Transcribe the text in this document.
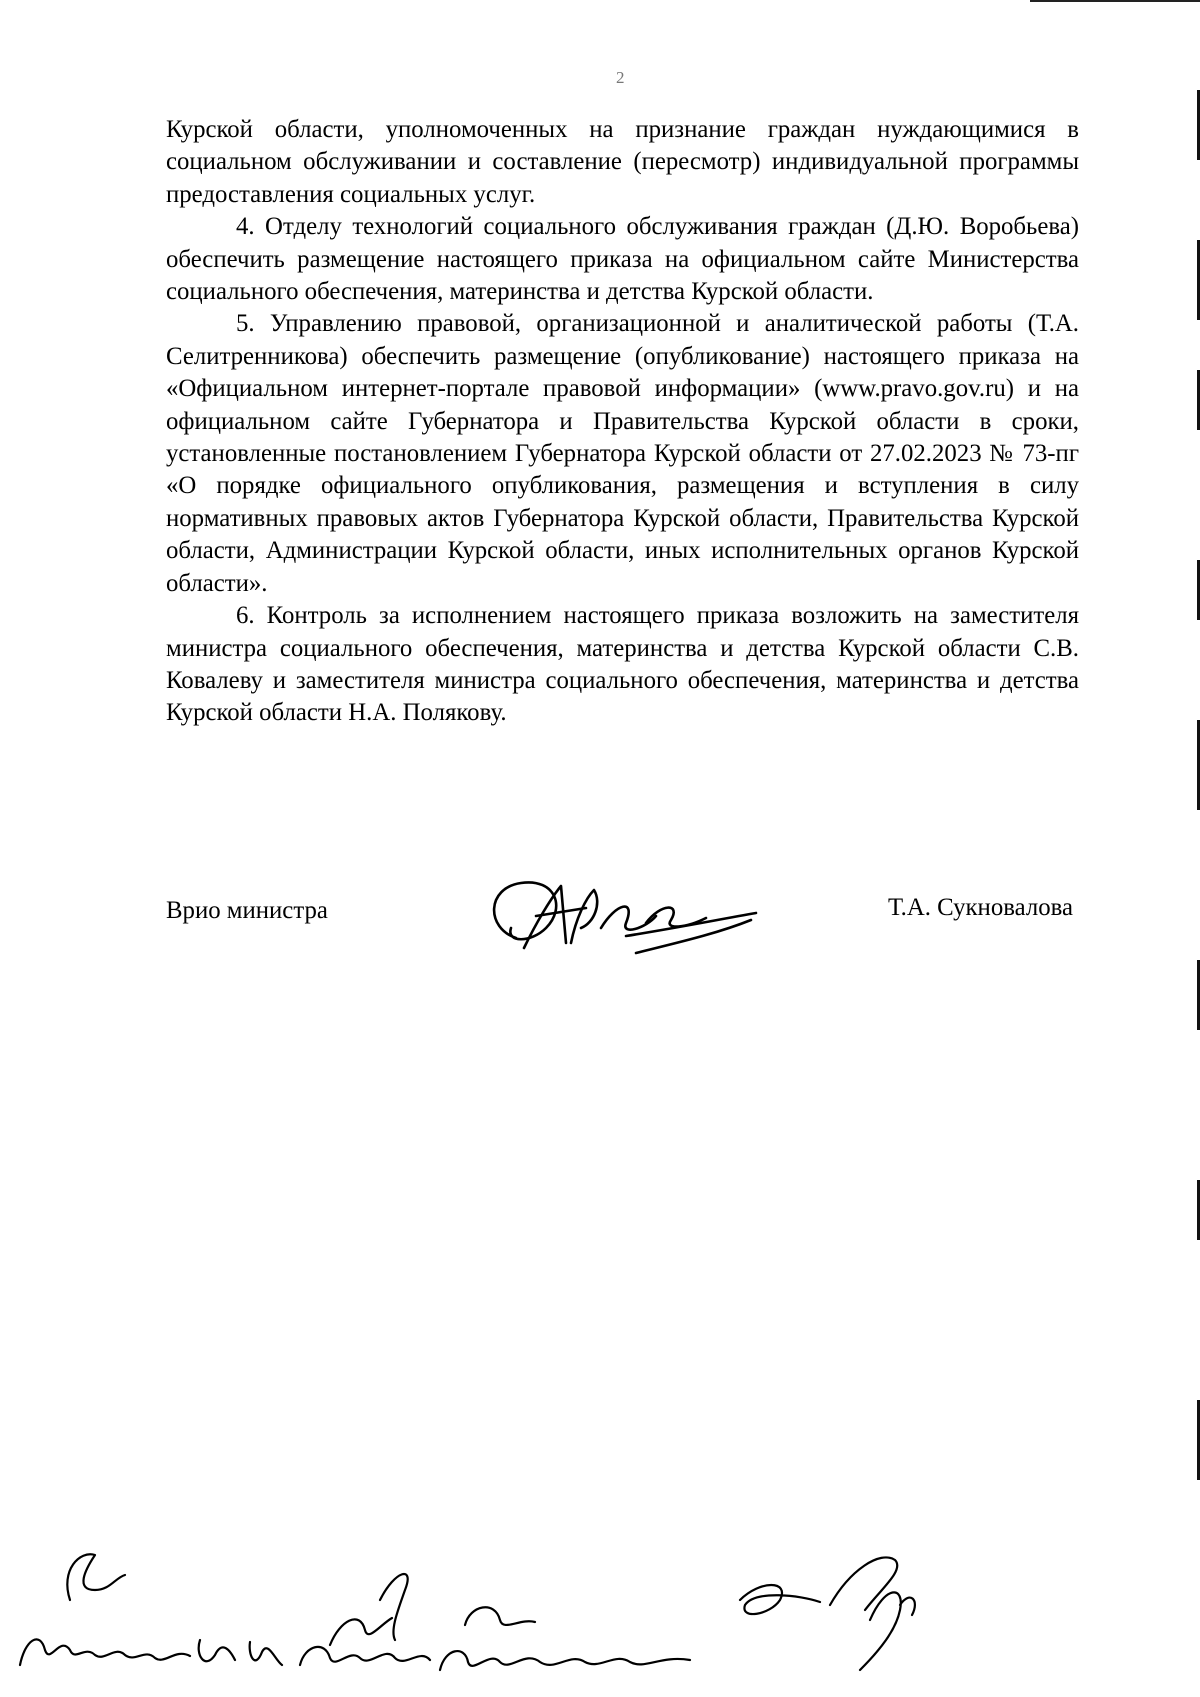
2

Курской области, уполномоченных на признание граждан нуждающимися в социальном обслуживании и составление (пересмотр) индивидуальной программы предоставления социальных услуг.

4. Отделу технологий социального обслуживания граждан (Д.Ю. Воробьева) обеспечить размещение настоящего приказа на официальном сайте Министерства социального обеспечения, материнства и детства Курской области.

5. Управлению правовой, организационной и аналитической работы (Т.А. Селитренникова) обеспечить размещение (опубликование) настоящего приказа на «Официальном интернет-портале правовой информации» (www.pravo.gov.ru) и на официальном сайте Губернатора и Правительства Курской области в сроки, установленные постановлением Губернатора Курской области от 27.02.2023 № 73-пг «О порядке официального опубликования, размещения и вступления в силу нормативных правовых актов Губернатора Курской области, Правительства Курской области, Администрации Курской области, иных исполнительных органов Курской области».

6. Контроль за исполнением настоящего приказа возложить на заместителя министра социального обеспечения, материнства и детства Курской области С.В. Ковалеву и заместителя министра социального обеспечения, материнства и детства Курской области Н.А. Полякову.

Врио министра	Т.А. Сукновалова
